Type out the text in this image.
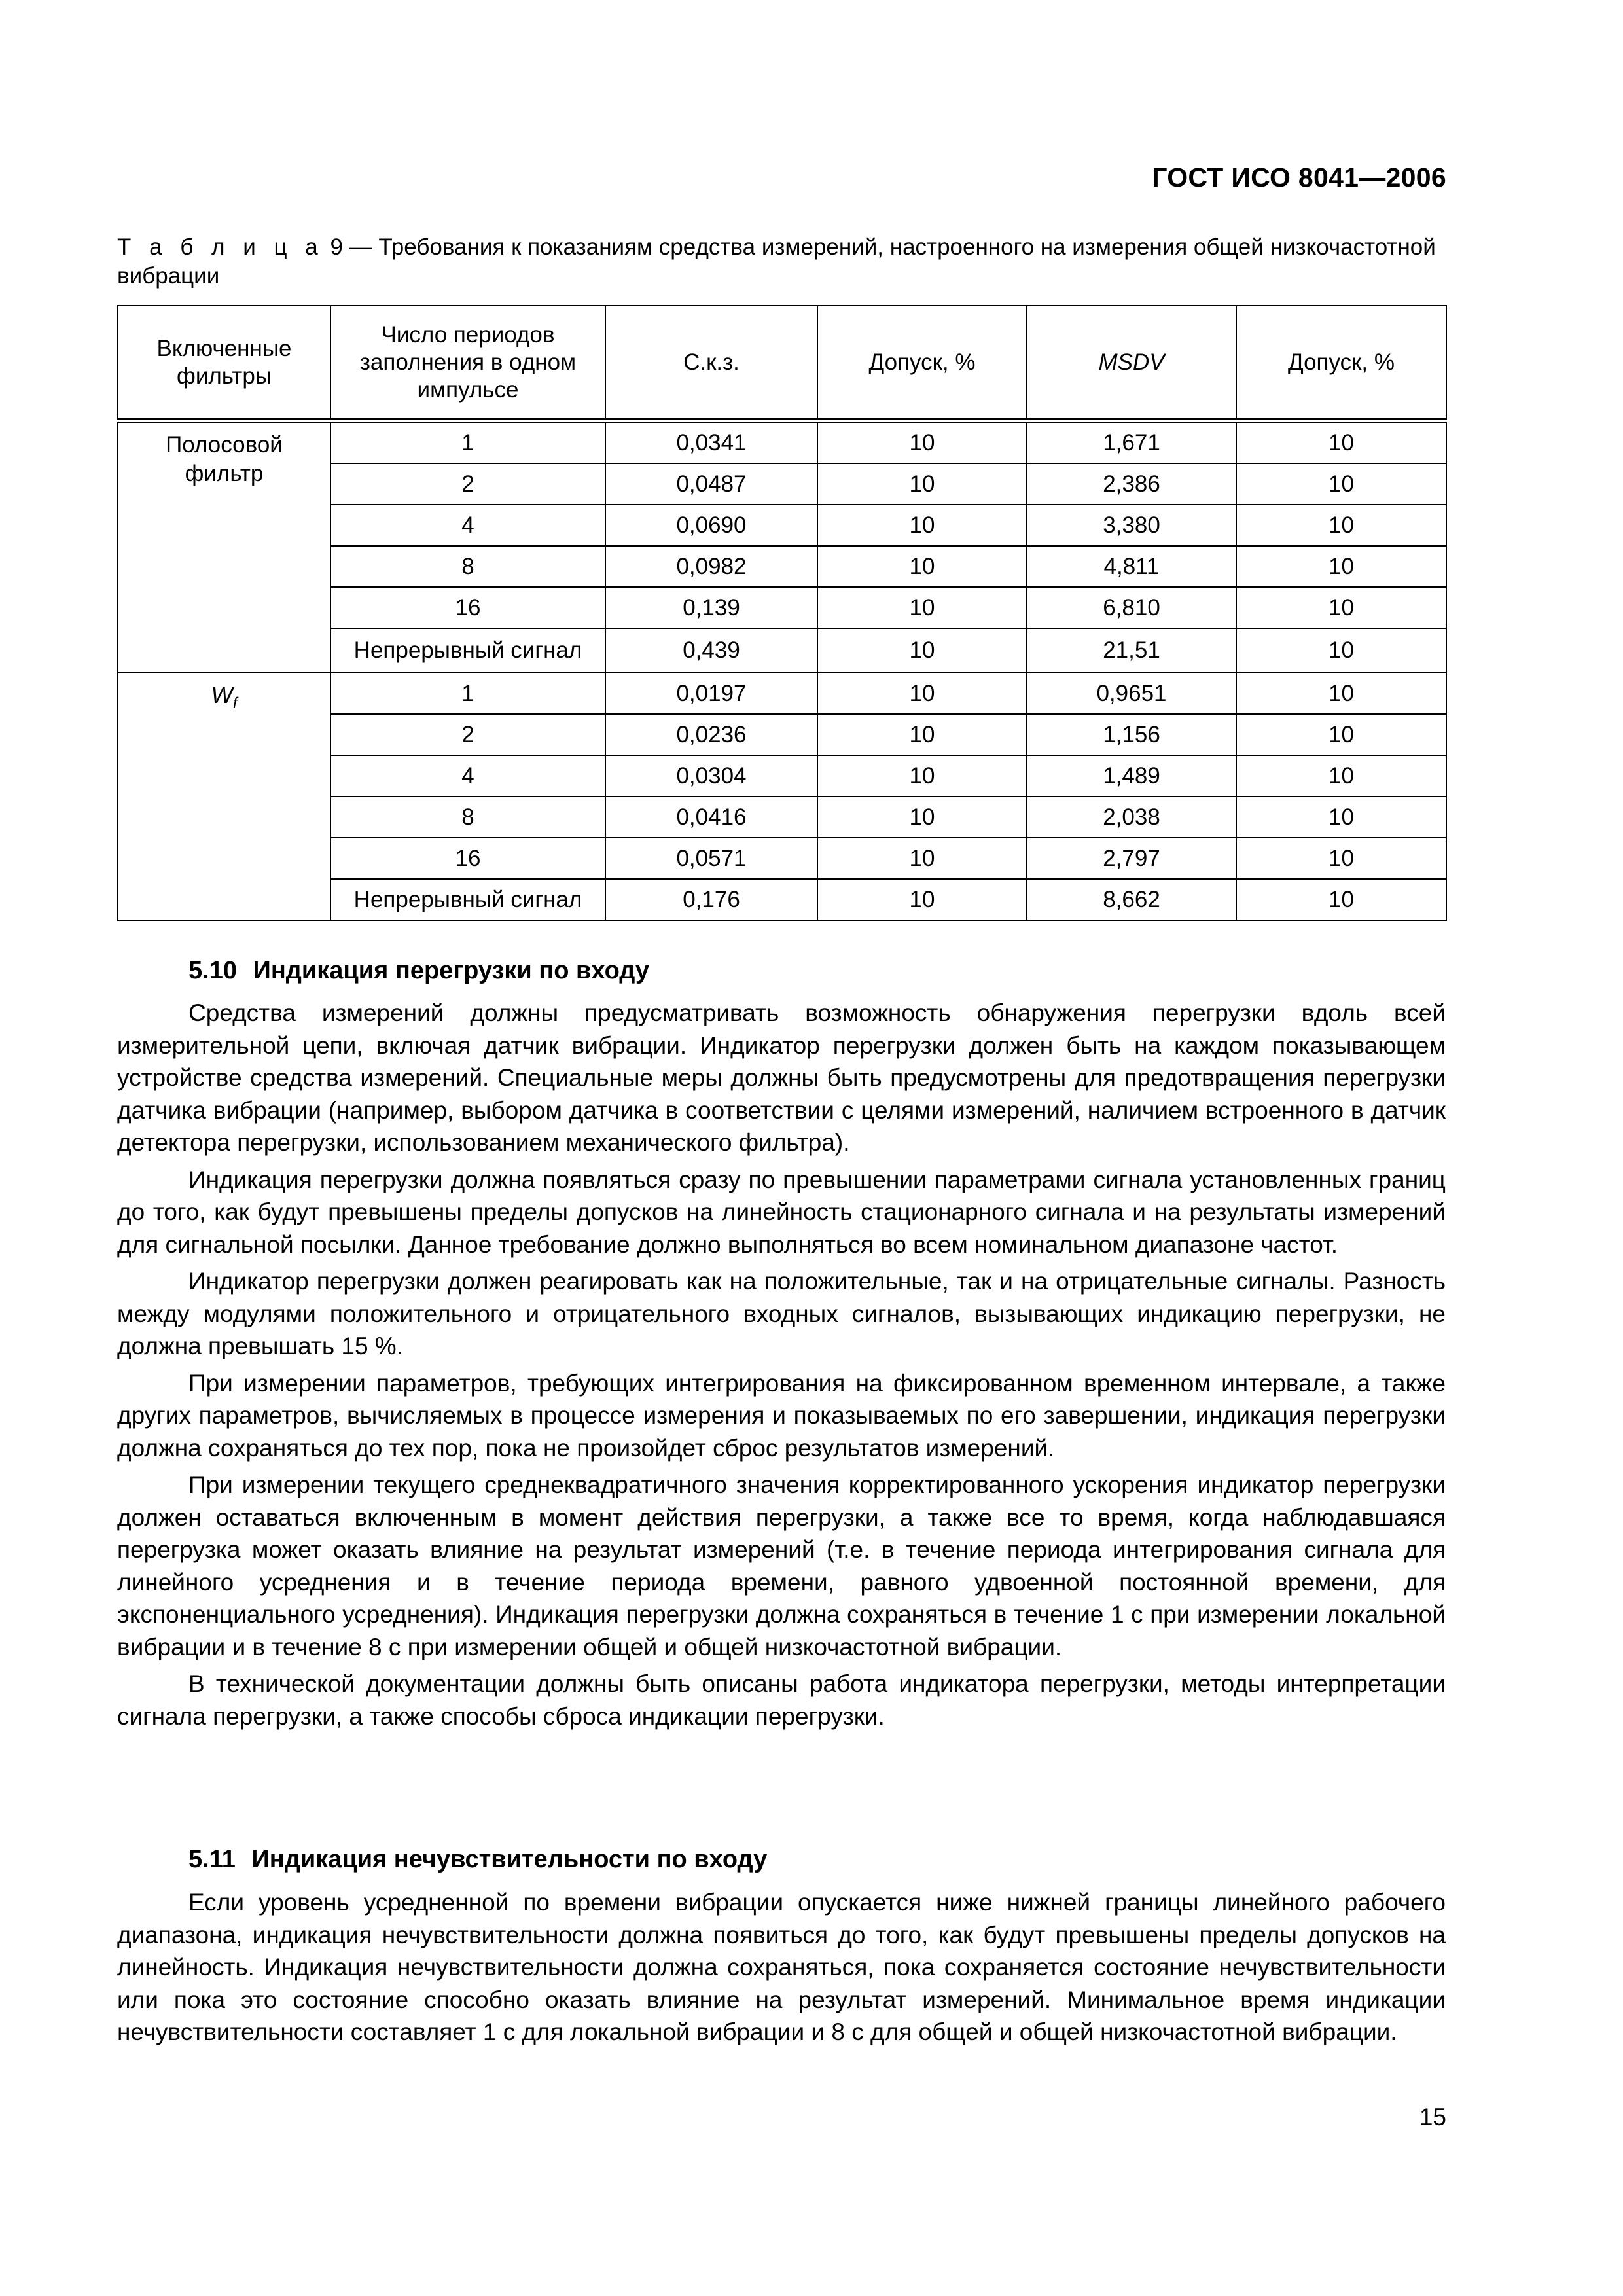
ГОСТ ИСО 8041—2006
Т а б л и ц а 9 — Требования к показаниям средства измерений, настроенного на измерения общей низкочастотной вибрации
Включенные фильтры	Число периодов заполнения в одном импульсе	С.к.з.	Допуск, %	MSDV	Допуск, %
Полосовой фильтр	1	0,0341	10	1,671	10
	2	0,0487	10	2,386	10
	4	0,0690	10	3,380	10
	8	0,0982	10	4,811	10
	16	0,139	10	6,810	10
	Непрерывный сигнал	0,439	10	21,51	10
$W_f$	1	0,0197	10	0,9651	10
	2	0,0236	10	1,156	10
	4	0,0304	10	1,489	10
	8	0,0416	10	2,038	10
	16	0,0571	10	2,797	10
	Непрерывный сигнал	0,176	10	8,662	10
5.10 Индикация перегрузки по входу

Средства измерений должны предусматривать возможность обнаружения перегрузки вдоль всей измерительной цепи, включая датчик вибрации. Индикатор перегрузки должен быть на каждом показывающем устройстве средства измерений. Специальные меры должны быть предусмотрены для предотвращения перегрузки датчика вибрации (например, выбором датчика в соответствии с целями измерений, наличием встроенного в датчик детектора перегрузки, использованием механического фильтра).

Индикация перегрузки должна появляться сразу по превышении параметрами сигнала установленных границ до того, как будут превышены пределы допусков на линейность стационарного сигнала и на результаты измерений для сигнальной посылки. Данное требование должно выполняться во всем номинальном диапазоне частот.

Индикатор перегрузки должен реагировать как на положительные, так и на отрицательные сигналы. Разность между модулями положительного и отрицательного входных сигналов, вызывающих индикацию перегрузки, не должна превышать 15 %.

При измерении параметров, требующих интегрирования на фиксированном временном интервале, а также других параметров, вычисляемых в процессе измерения и показываемых по его завершении, индикация перегрузки должна сохраняться до тех пор, пока не произойдет сброс результатов измерений.

При измерении текущего среднеквадратичного значения корректированного ускорения индикатор перегрузки должен оставаться включенным в момент действия перегрузки, а также все то время, когда наблюдавшаяся перегрузка может оказать влияние на результат измерений (т.е. в течение периода интегрирования сигнала для линейного усреднения и в течение периода времени, равного удвоенной постоянной времени, для экспоненциального усреднения). Индикация перегрузки должна сохраняться в течение 1 с при измерении локальной вибрации и в течение 8 с при измерении общей и общей низкочастотной вибрации.

В технической документации должны быть описаны работа индикатора перегрузки, методы интерпретации сигнала перегрузки, а также способы сброса индикации перегрузки.

5.11 Индикация нечувствительности по входу

Если уровень усредненной по времени вибрации опускается ниже нижней границы линейного рабочего диапазона, индикация нечувствительности должна появиться до того, как будут превышены пределы допусков на линейность. Индикация нечувствительности должна сохраняться, пока сохраняется состояние нечувствительности или пока это состояние способно оказать влияние на результат измерений. Минимальное время индикации нечувствительности составляет 1 с для локальной вибрации и 8 с для общей и общей низкочастотной вибрации.

15
